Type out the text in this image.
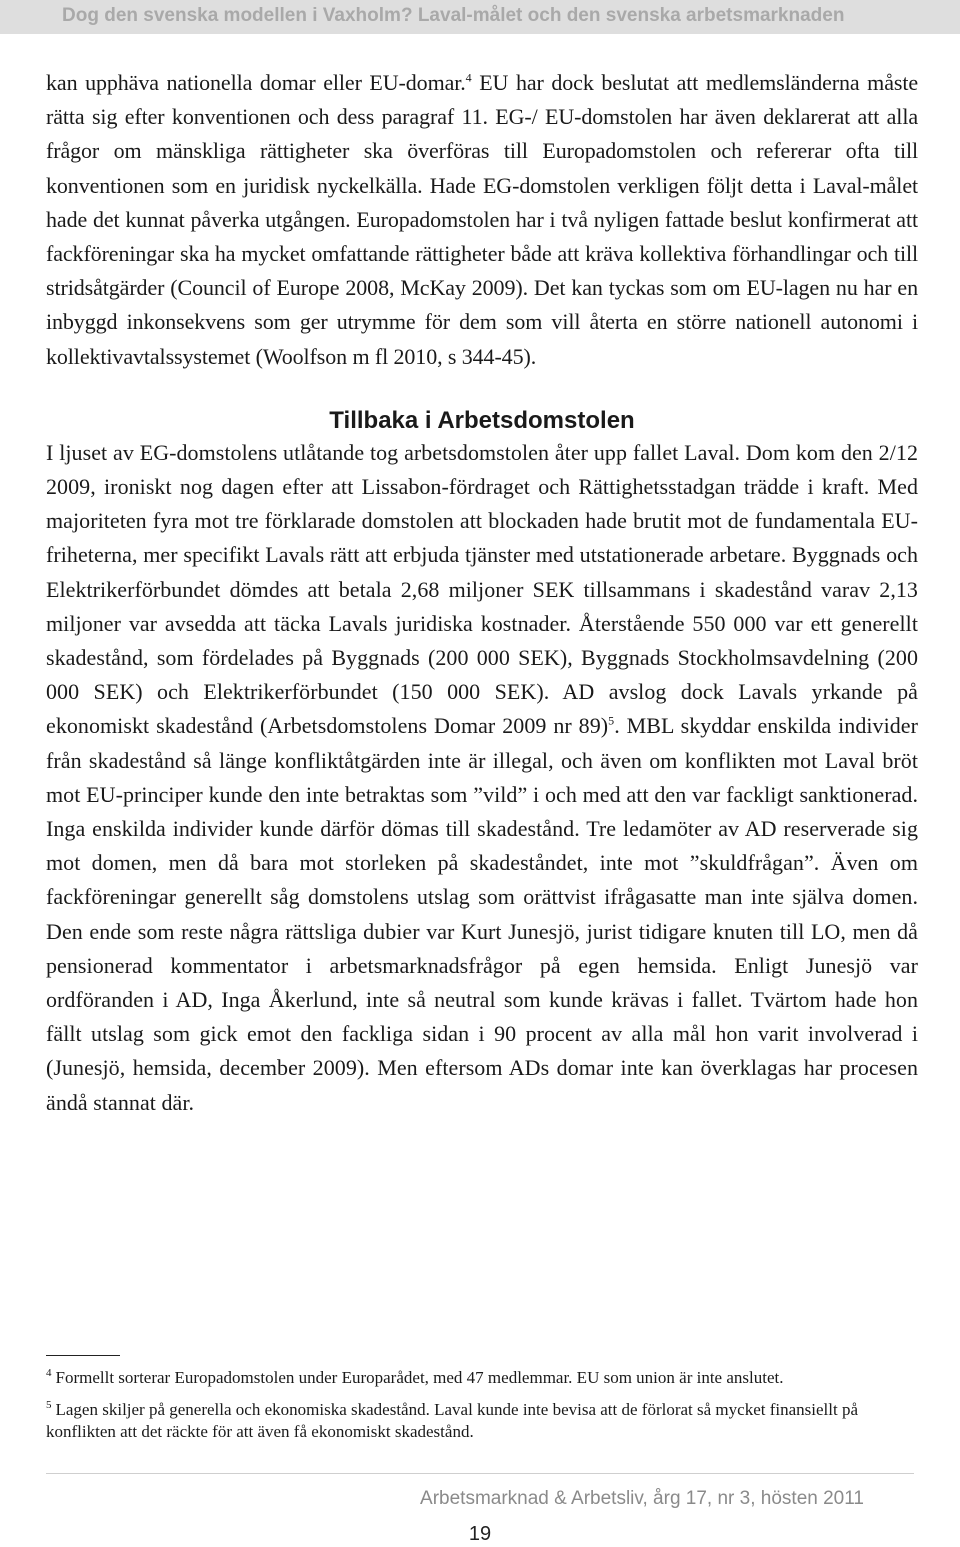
Dog den svenska modellen i Vaxholm? Laval-målet och den svenska arbetsmarknaden

kan upphäva nationella domar eller EU-domar.$^4$ EU har dock beslutat att medlemsländerna måste rätta sig efter konventionen och dess paragraf 11. EG-/ EU-domstolen har även deklarerat att alla frågor om mänskliga rättigheter ska överföras till Europadomstolen och refererar ofta till konventionen som en juridisk nyckelkälla. Hade EG-domstolen verkligen följt detta i Laval-målet hade det kunnat påverka utgången. Europadomstolen har i två nyligen fattade beslut konfirmerat att fackföreningar ska ha mycket omfattande rättigheter både att kräva kollektiva förhandlingar och till stridsåtgärder (Council of Europe 2008, McKay 2009). Det kan tyckas som om EU-lagen nu har en inbyggd inkonsekvens som ger utrymme för dem som vill återta en större nationell autonomi i kollektivavtalssystemet (Woolfson m fl 2010, s 344-45).

Tillbaka i Arbetsdomstolen

I ljuset av EG-domstolens utlåtande tog arbetsdomstolen åter upp fallet Laval. Dom kom den 2/12 2009, ironiskt nog dagen efter att Lissabon-fördraget och Rättighetsstadgan trädde i kraft. Med majoriteten fyra mot tre förklarade domstolen att blockaden hade brutit mot de fundamentala EU-friheterna, mer specifikt Lavals rätt att erbjuda tjänster med utstationerade arbetare. Byggnads och Elektrikerförbundet dömdes att betala 2,68 miljoner SEK tillsammans i skadestånd varav 2,13 miljoner var avsedda att täcka Lavals juridiska kostnader. Återstående 550 000 var ett generellt skadestånd, som fördelades på Byggnads (200 000 SEK), Byggnads Stockholmsavdelning (200 000 SEK) och Elektrikerförbundet (150 000 SEK). AD avslog dock Lavals yrkande på ekonomiskt skadestånd (Arbetsdomstolens Domar 2009 nr 89)$^5$. MBL skyddar enskilda individer från skadestånd så länge konfliktåtgärden inte är illegal, och även om konflikten mot Laval bröt mot EU-principer kunde den inte betraktas som ”vild” i och med att den var fackligt sanktionerad. Inga enskilda individer kunde därför dömas till skadestånd. Tre ledamöter av AD reserverade sig mot domen, men då bara mot storleken på skadeståndet, inte mot ”skuldfrågan”. Även om fackföreningar generellt såg domstolens utslag som orättvist ifrågasatte man inte själva domen. Den ende som reste några rättsliga dubier var Kurt Junesjö, jurist tidigare knuten till LO, men då pensionerad kommentator i arbetsmarknadsfrågor på egen hemsida. Enligt Junesjö var ordföranden i AD, Inga Åkerlund, inte så neutral som kunde krävas i fallet. Tvärtom hade hon fällt utslag som gick emot den fackliga sidan i 90 procent av alla mål hon varit involverad i (Junesjö, hemsida, december 2009). Men eftersom ADs domar inte kan överklagas har procesen ändå stannat där.

$^4$ Formellt sorterar Europadomstolen under Europarådet, med 47 medlemmar. EU som union är inte anslutet.

$^5$ Lagen skiljer på generella och ekonomiska skadestånd. Laval kunde inte bevisa att de förlorat så mycket finansiellt på konflikten att det räckte för att även få ekonomiskt skadestånd.

Arbetsmarknad & Arbetsliv, årg 17, nr 3, hösten 2011
19
